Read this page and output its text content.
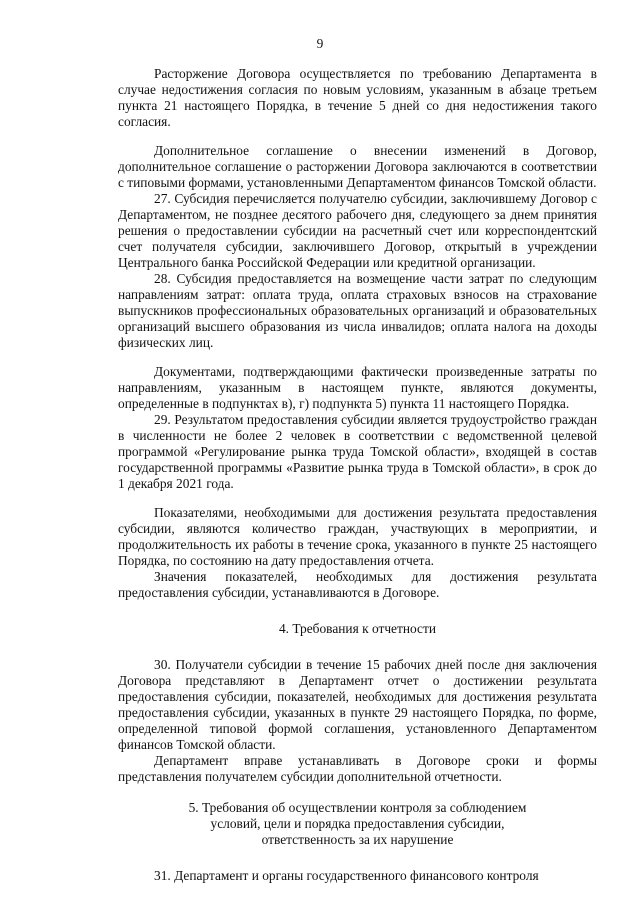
9

Расторжение Договора осуществляется по требованию Департамента в случае недостижения согласия по новым условиям, указанным в абзаце третьем пункта 21 настоящего Порядка, в течение 5 дней со дня недостижения такого согласия.

Дополнительное соглашение о внесении изменений в Договор, дополнительное соглашение о расторжении Договора заключаются в соответствии с типовыми формами, установленными Департаментом финансов Томской области.

27. Субсидия перечисляется получателю субсидии, заключившему Договор с Департаментом, не позднее десятого рабочего дня, следующего за днем принятия решения о предоставлении субсидии на расчетный счет или корреспондентский счет получателя субсидии, заключившего Договор, открытый в учреждении Центрального банка Российской Федерации или кредитной организации.

28. Субсидия предоставляется на возмещение части затрат по следующим направлениям затрат: оплата труда, оплата страховых взносов на страхование выпускников профессиональных образовательных организаций и образовательных организаций высшего образования из числа инвалидов; оплата налога на доходы физических лиц.

Документами, подтверждающими фактически произведенные затраты по направлениям, указанным в настоящем пункте, являются документы, определенные в подпунктах в), г) подпункта 5) пункта 11 настоящего Порядка.

29. Результатом предоставления субсидии является трудоустройство граждан в численности не более 2 человек в соответствии с ведомственной целевой программой «Регулирование рынка труда Томской области», входящей в состав государственной программы «Развитие рынка труда в Томской области», в срок до 1 декабря 2021 года.

Показателями, необходимыми для достижения результата предоставления субсидии, являются количество граждан, участвующих в мероприятии, и продолжительность их работы в течение срока, указанного в пункте 25 настоящего Порядка, по состоянию на дату предоставления отчета.

Значения показателей, необходимых для достижения результата предоставления субсидии, устанавливаются в Договоре.

4. Требования к отчетности

30. Получатели субсидии в течение 15 рабочих дней после дня заключения Договора представляют в Департамент отчет о достижении результата предоставления субсидии, показателей, необходимых для достижения результата предоставления субсидии, указанных в пункте 29 настоящего Порядка, по форме, определенной типовой формой соглашения, установленного Департаментом финансов Томской области.

Департамент вправе устанавливать в Договоре сроки и формы представления получателем субсидии дополнительной отчетности.

5. Требования об осуществлении контроля за соблюдением

условий, цели и порядка предоставления субсидии,

ответственность за их нарушение

31. Департамент и органы государственного финансового контроля
